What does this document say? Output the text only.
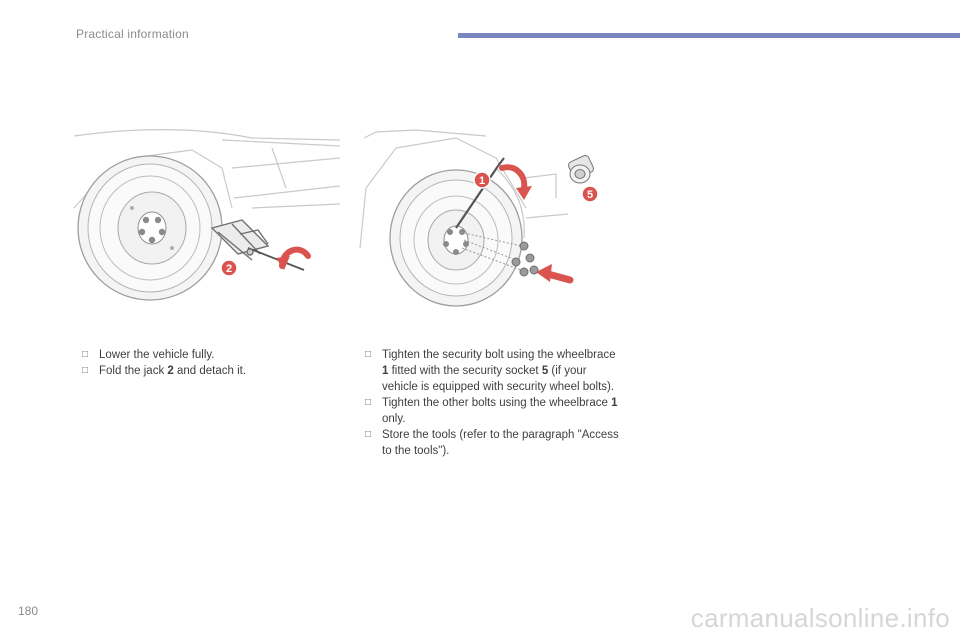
Practical information
2
1
5
□ Lower the vehicle fully.
□ Fold the jack 2 and detach it.
□ Tighten the security bolt using the wheelbrace 1 fitted with the security socket 5 (if your vehicle is equipped with security wheel bolts).
□ Tighten the other bolts using the wheelbrace 1 only.
□ Store the tools (refer to the paragraph "Access to the tools").
180	carmanualsonline.info
